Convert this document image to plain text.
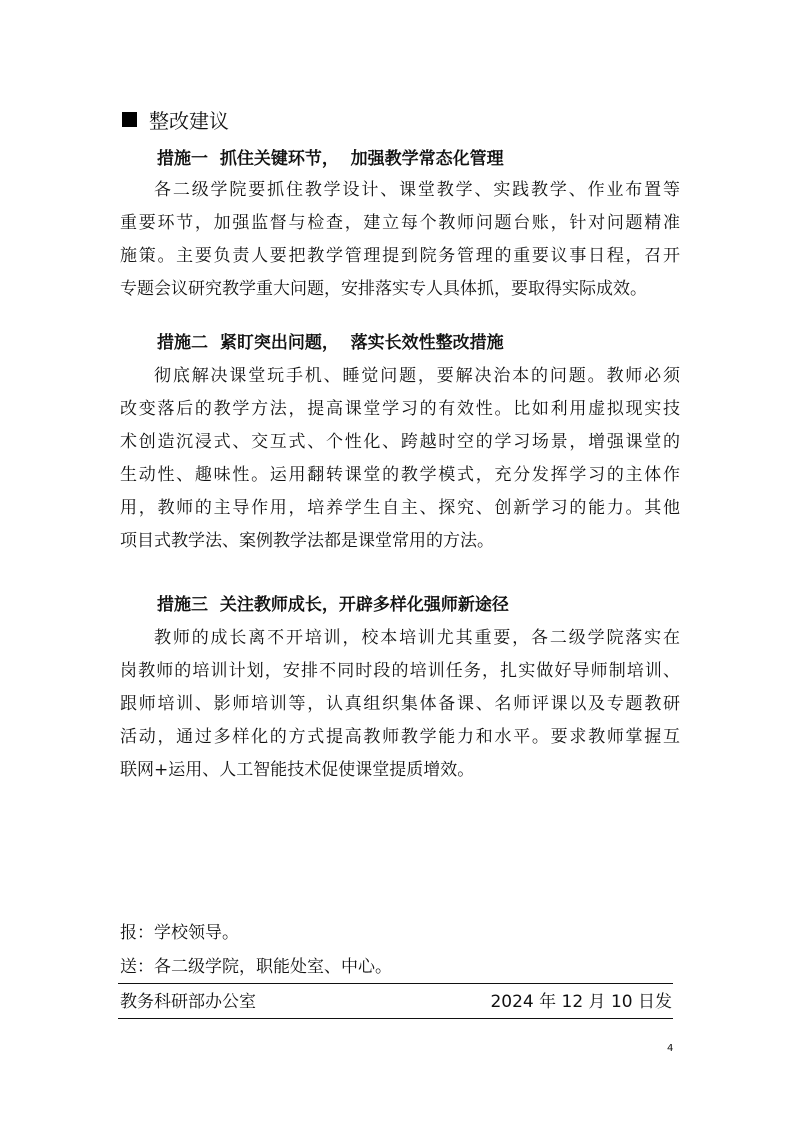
整改建议
措施一  抓住关键环节，  加强教学常态化管理
各二级学院要抓住教学设计、课堂教学、实践教学、作业布置等
重要环节，加强监督与检查，建立每个教师问题台账，针对问题精准
施策。主要负责人要把教学管理提到院务管理的重要议事日程，召开
专题会议研究教学重大问题，安排落实专人具体抓，要取得实际成效。
措施二  紧盯突出问题，  落实长效性整改措施
彻底解决课堂玩手机、睡觉问题，要解决治本的问题。教师必须
改变落后的教学方法，提高课堂学习的有效性。比如利用虚拟现实技
术创造沉浸式、交互式、个性化、跨越时空的学习场景，增强课堂的
生动性、趣味性。运用翻转课堂的教学模式，充分发挥学习的主体作
用，教师的主导作用，培养学生自主、探究、创新学习的能力。其他
项目式教学法、案例教学法都是课堂常用的方法。
措施三  关注教师成长，开辟多样化强师新途径
教师的成长离不开培训，校本培训尤其重要，各二级学院落实在
岗教师的培训计划，安排不同时段的培训任务，扎实做好导师制培训、
跟师培训、影师培训等，认真组织集体备课、名师评课以及专题教研
活动，通过多样化的方式提高教师教学能力和水平。要求教师掌握互
联网+运用、人工智能技术促使课堂提质增效。
报：学校领导。
送：各二级学院，职能处室、中心。
教务科研部办公室	2024 年 12 月 10 日发
4
